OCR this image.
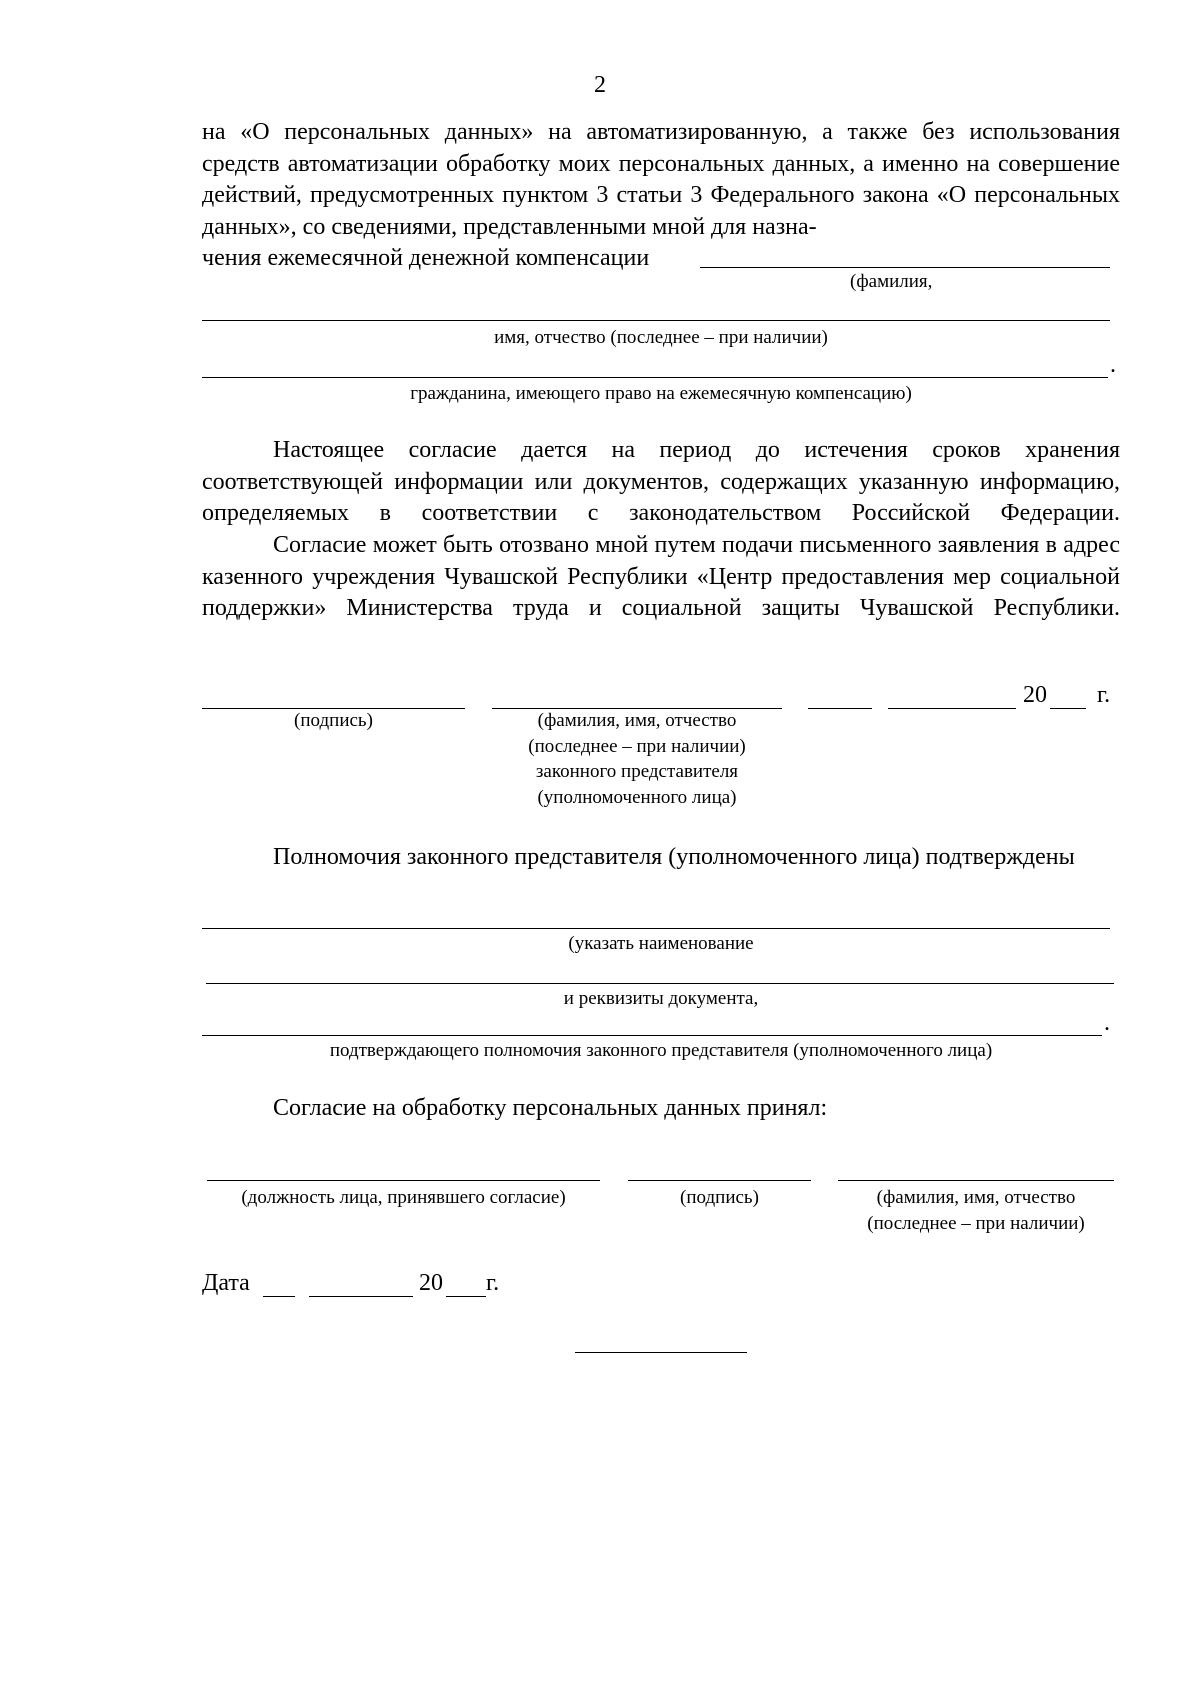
2
на «О персональных данных» на автоматизированную, а также без использования средств автоматизации обработку моих персональных данных, а именно на совершение действий, предусмотренных пунктом 3 статьи 3 Федерального закона «О персональных данных», со сведениями, представленными мной для назна-
чения ежемесячной денежной компенсации
(фамилия,
имя, отчество (последнее – при наличии)
.
гражданина, имеющего право на ежемесячную компенсацию)
Настоящее согласие дается на период до истечения сроков хранения соответствующей информации или документов, содержащих указанную информацию, определяемых в соответствии с законодательством Российской Федерации.
Согласие может быть отозвано мной путем подачи письменного заявления в адрес казенного учреждения Чувашской Республики «Центр предоставления мер социальной поддержки» Министерства труда и социальной защиты Чувашской Республики.
20 г.
(подпись)	(фамилия, имя, отчество
(последнее – при наличии)
законного представителя
(уполномоченного лица)
Полномочия законного представителя (уполномоченного лица) подтверждены
(указать наименование
и реквизиты документа,
.
подтверждающего полномочия законного представителя (уполномоченного лица)
Согласие на обработку персональных данных принял:
(должность лица, принявшего согласие)	(подпись)	(фамилия, имя, отчество
(последнее – при наличии)
Дата	20 г.
